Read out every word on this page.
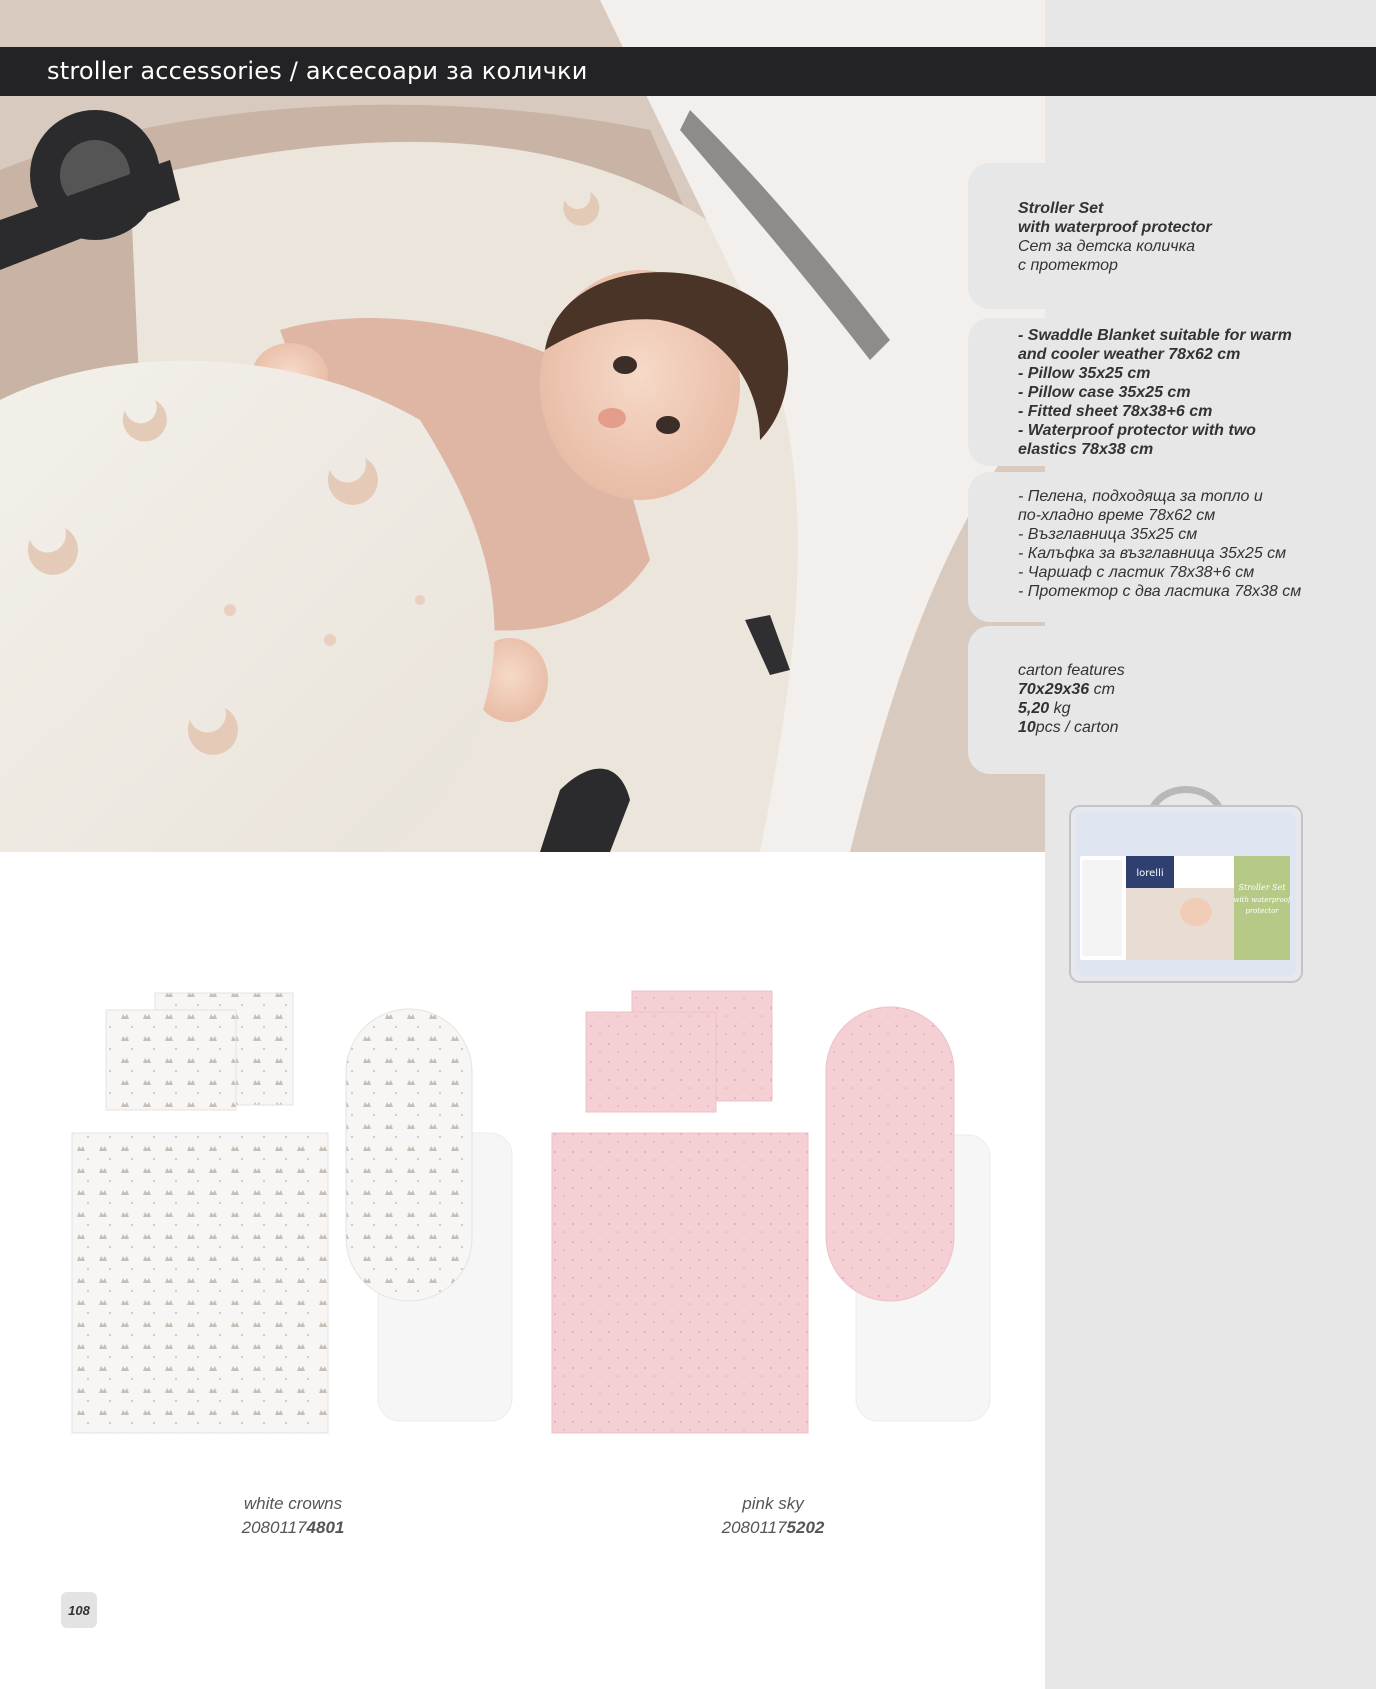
stroller accessories / аксесоари за колички
Stroller Set
with waterproof protector
Сет за детска количка
с протектор
- Swaddle Blanket suitable for warm
and cooler weather 78x62 cm
- Pillow 35x25 cm
- Pillow case 35x25 cm
- Fitted sheet 78x38+6 cm
- Waterproof protector with two
elastics 78x38 cm
- Пелена, подходяща за топло и
по-хладно време 78x62 см
- Възглавница 35x25 см
- Калъфка за възглавница 35x25 см
- Чаршаф с ластик 78x38+6 см
- Протектор с два ластика 78x38 см
carton features
70x29x36 cm
5,20 kg
10pcs / carton
lorelli
Stroller Set
with waterproof
protector
white crowns
20801174801
pink sky
20801175202
108
